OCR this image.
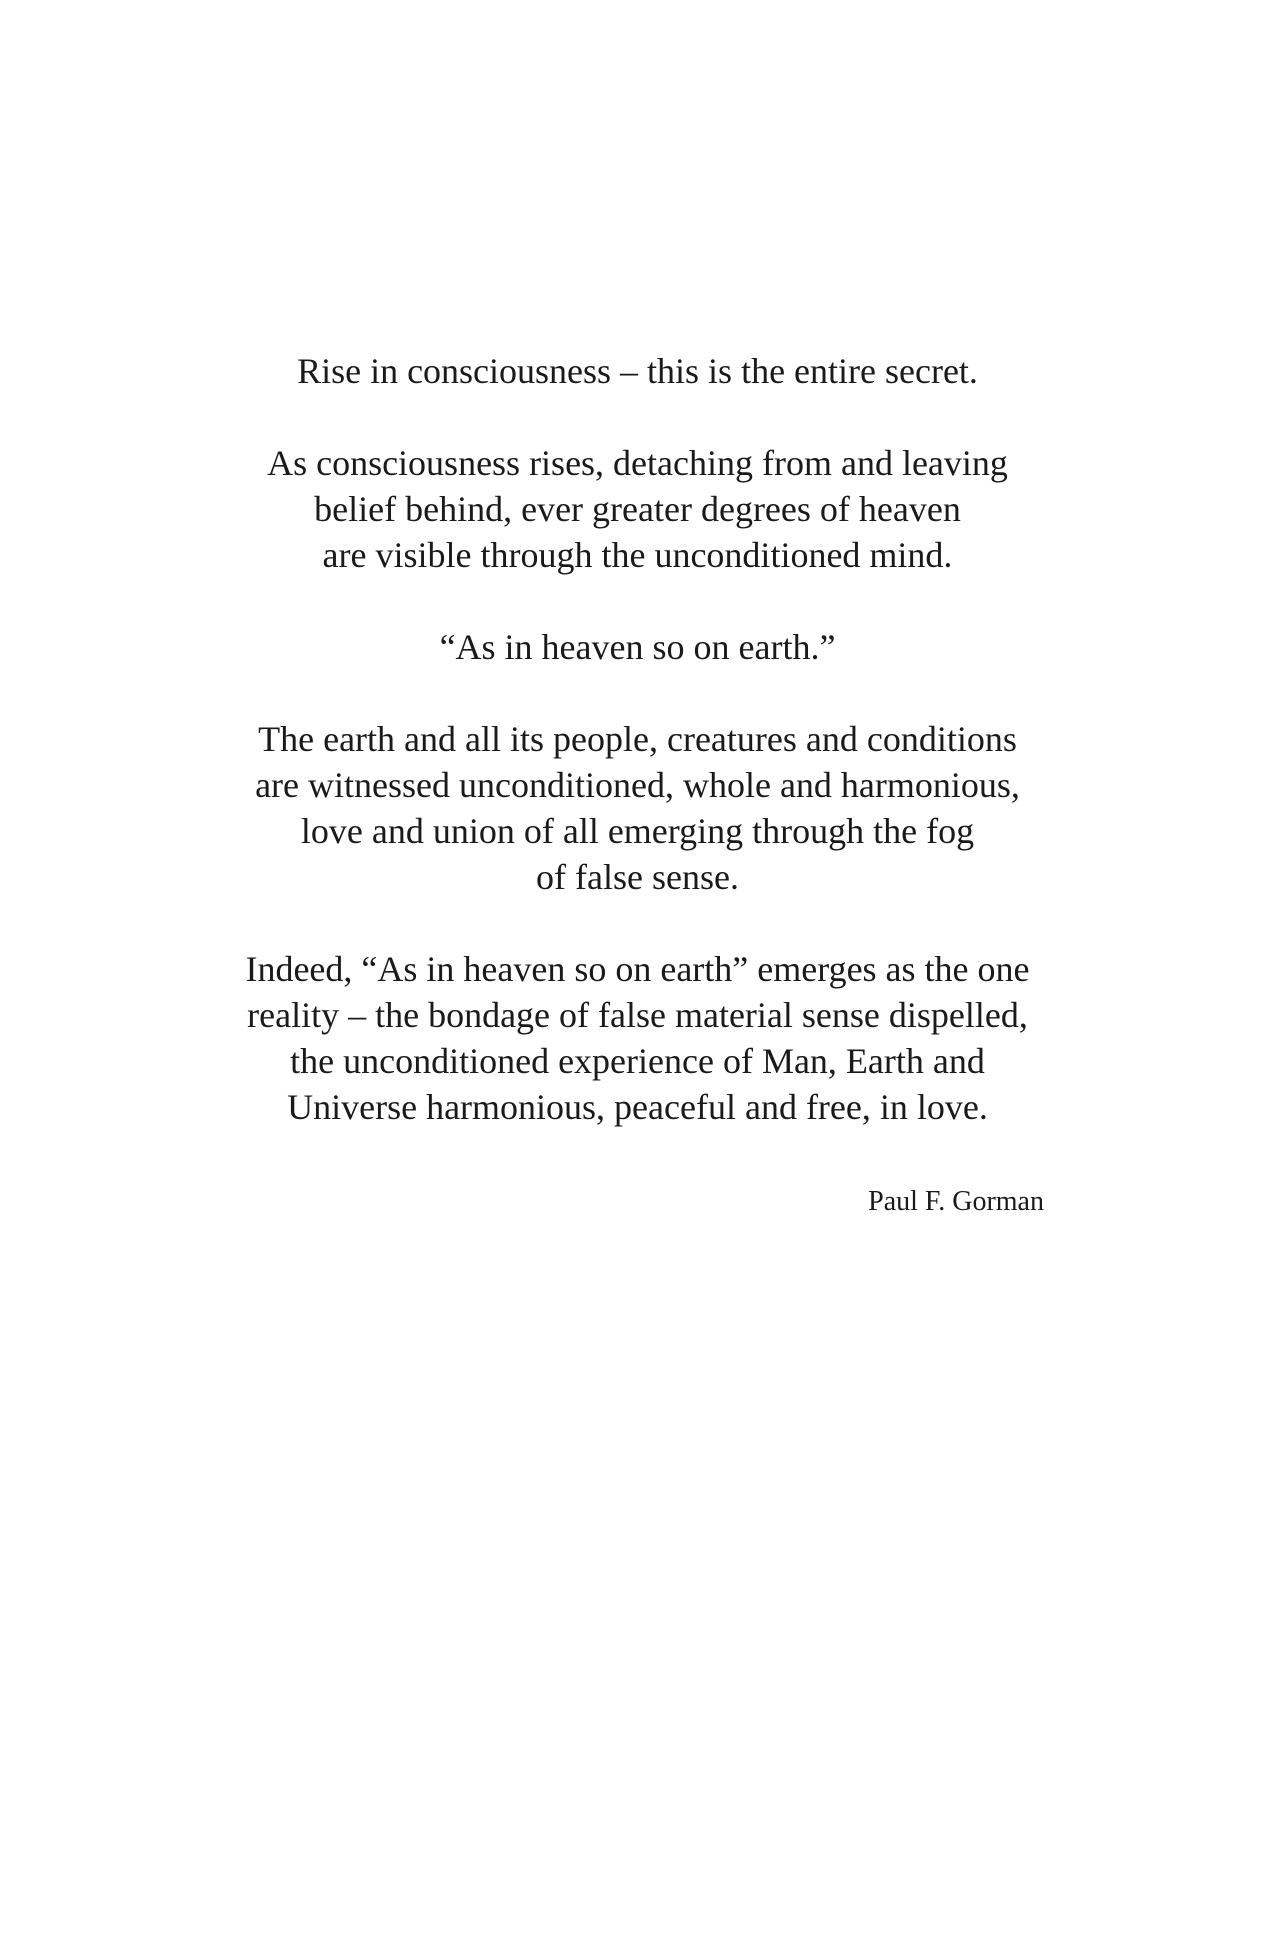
Rise in consciousness – this is the entire secret.
As consciousness rises, detaching from and leaving
belief behind, ever greater degrees of heaven
are visible through the unconditioned mind.
“As in heaven so on earth.”
The earth and all its people, creatures and conditions
are witnessed unconditioned, whole and harmonious,
love and union of all emerging through the fog
of false sense.
Indeed, “As in heaven so on earth” emerges as the one
reality – the bondage of false material sense dispelled,
the unconditioned experience of Man, Earth and
Universe harmonious, peaceful and free, in love.
Paul F. Gorman
